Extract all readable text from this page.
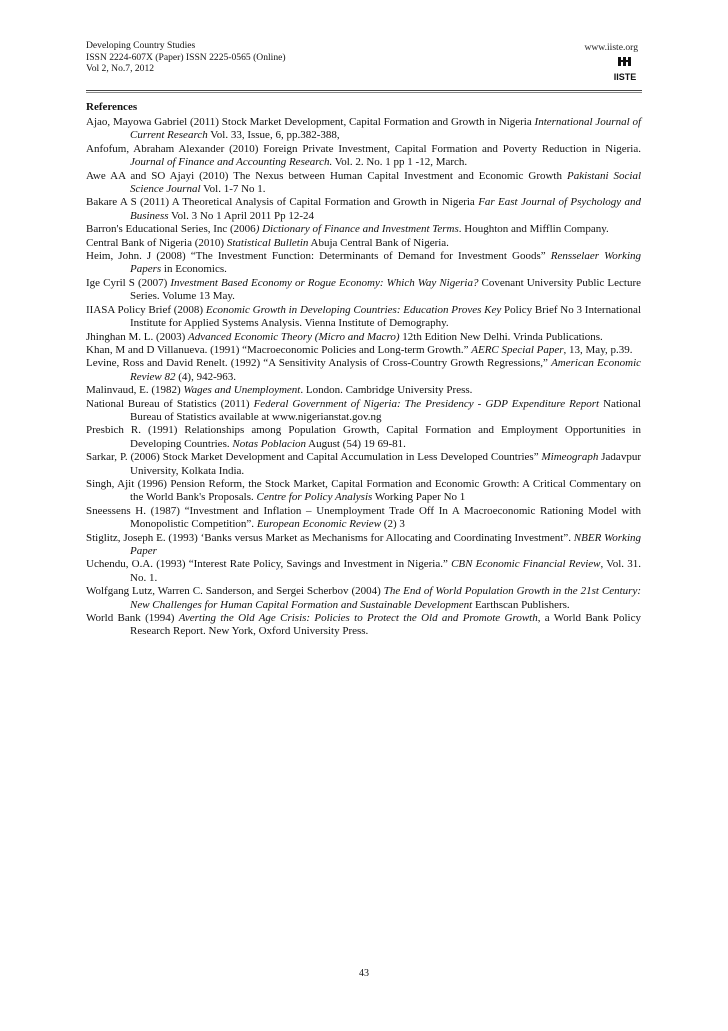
Developing Country Studies

ISSN 2224-607X (Paper) ISSN 2225-0565 (Online)

Vol 2, No.7, 2012

www.iiste.org
IISTE

References

Ajao, Mayowa Gabriel (2011) Stock Market Development, Capital Formation and Growth in Nigeria International Journal of Current Research Vol. 33, Issue, 6, pp.382-388,

Anfofum, Abraham Alexander (2010) Foreign Private Investment, Capital Formation and Poverty Reduction in Nigeria. Journal of Finance and Accounting Research. Vol. 2. No. 1 pp 1 -12, March.

Awe AA and SO Ajayi (2010) The Nexus between Human Capital Investment and Economic Growth Pakistani Social Science Journal Vol. 1-7 No 1.

Bakare A S (2011) A Theoretical Analysis of Capital Formation and Growth in Nigeria Far East Journal of Psychology and Business Vol. 3 No 1 April 2011 Pp 12-24

Barron's Educational Series, Inc (2006) Dictionary of Finance and Investment Terms. Houghton and Mifflin Company.

Central Bank of Nigeria (2010) Statistical Bulletin Abuja Central Bank of Nigeria.

Heim, John. J (2008) “The Investment Function: Determinants of Demand for Investment Goods” Rensselaer Working Papers in Economics.

Ige Cyril S (2007) Investment Based Economy or Rogue Economy: Which Way Nigeria? Covenant University Public Lecture Series. Volume 13 May.

IIASA Policy Brief (2008) Economic Growth in Developing Countries: Education Proves Key Policy Brief No 3 International Institute for Applied Systems Analysis. Vienna Institute of Demography.

Jhinghan M. L. (2003) Advanced Economic Theory (Micro and Macro) 12th Edition New Delhi. Vrinda Publications.

Khan, M and D Villanueva. (1991) “Macroeconomic Policies and Long-term Growth.” AERC Special Paper, 13, May, p.39.

Levine, Ross and David Renelt. (1992) “A Sensitivity Analysis of Cross-Country Growth Regressions,” American Economic Review 82 (4), 942-963.

Malinvaud, E. (1982) Wages and Unemployment. London. Cambridge University Press.

National Bureau of Statistics (2011) Federal Government of Nigeria: The Presidency - GDP Expenditure Report National Bureau of Statistics available at www.nigerianstat.gov.ng

Presbich R. (1991) Relationships among Population Growth, Capital Formation and Employment Opportunities in Developing Countries. Notas Poblacion August (54) 19 69-81.

Sarkar, P. (2006) Stock Market Development and Capital Accumulation in Less Developed Countries” Mimeograph Jadavpur University, Kolkata India.

Singh, Ajit (1996) Pension Reform, the Stock Market, Capital Formation and Economic Growth: A Critical Commentary on the World Bank's Proposals. Centre for Policy Analysis Working Paper No 1

Sneessens H. (1987) “Investment and Inflation – Unemployment Trade Off In A Macroeconomic Rationing Model with Monopolistic Competition”. European Economic Review (2) 3

Stiglitz, Joseph E. (1993) ‘Banks versus Market as Mechanisms for Allocating and Coordinating Investment”. NBER Working Paper

Uchendu, O.A. (1993) “Interest Rate Policy, Savings and Investment in Nigeria.” CBN Economic Financial Review, Vol. 31. No. 1.

Wolfgang Lutz, Warren C. Sanderson, and Sergei Scherbov (2004) The End of World Population Growth in the 21st Century: New Challenges for Human Capital Formation and Sustainable Development Earthscan Publishers.

World Bank (1994) Averting the Old Age Crisis: Policies to Protect the Old and Promote Growth, a World Bank Policy Research Report. New York, Oxford University Press.

43
